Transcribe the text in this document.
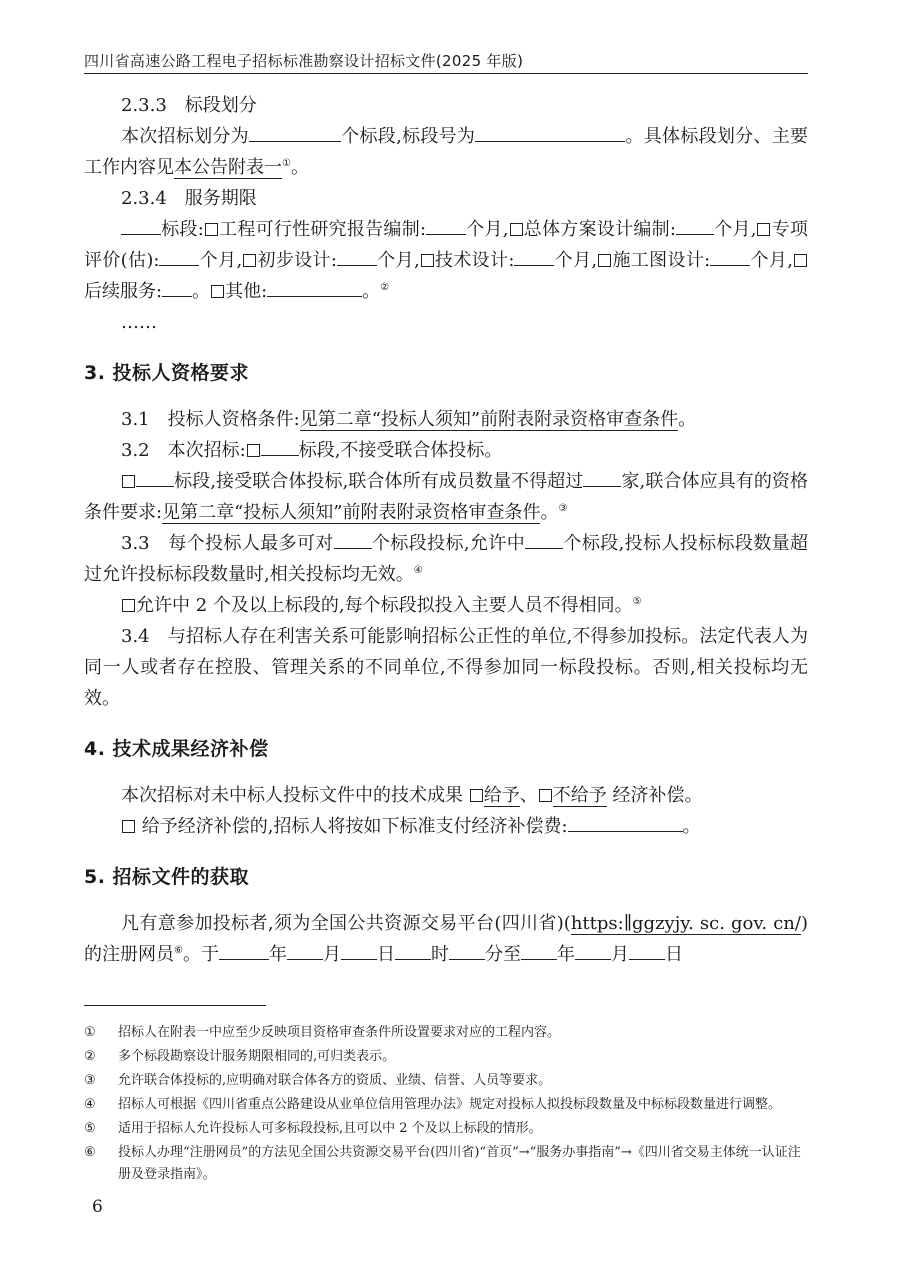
四川省高速公路工程电子招标标准勘察设计招标文件(2025 年版)

2.3.3　标段划分

本次招标划分为	个标段,标段号为	。具体标段划分、主要工作内容见本公告附表一①。

2.3.4　服务期限

标段: 工程可行性研究报告编制: 个月, 总体方案设计编制: 个月, 专项评价(估): 个月, 初步设计: 个月, 技术设计: 个月, 施工图设计: 个月,后续服务: 。 其他:	。②

……

3. 投标人资格要求

3.1　投标人资格条件:见第二章“投标人须知”前附表附录资格审查条件。

3.2　本次招标:	标段,不接受联合体投标。

标段,接受联合体投标,联合体所有成员数量不得超过 家,联合体应具有的资格条件要求:见第二章“投标人须知”前附表附录资格审查条件。③

3.3　每个投标人最多可对 个标段投标,允许中 个标段,投标人投标标段数量超过允许投标标段数量时,相关投标均无效。④

允许中 2 个及以上标段的,每个标段拟投入主要人员不得相同。⑤

3.4　与招标人存在利害关系可能影响招标公正性的单位,不得参加投标。法定代表人为同一人或者存在控股、管理关系的不同单位,不得参加同一标段投标。否则,相关投标均无效。

4. 技术成果经济补偿

本次招标对未中标人投标文件中的技术成果 给予、 不给予 经济补偿。

给予经济补偿的,招标人将按如下标准支付经济补偿费:	。

5. 招标文件的获取

凡有意参加投标者,须为全国公共资源交易平台(四川省)(https:∥ggzyjy. sc. gov. cn/)的注册网员⑥。于	年 月 日 时 分至 年 月 日

①	招标人在附表一中应至少反映项目资格审查条件所设置要求对应的工程内容。
②	多个标段勘察设计服务期限相同的,可归类表示。
③	允许联合体投标的,应明确对联合体各方的资质、业绩、信誉、人员等要求。
④	招标人可根据《四川省重点公路建设从业单位信用管理办法》规定对投标人拟投标段数量及中标标段数量进行调整。
⑤	适用于招标人允许投标人可多标段投标,且可以中 2 个及以上标段的情形。
⑥	投标人办理“注册网员”的方法见全国公共资源交易平台(四川省)“首页”→“服务办事指南”→《四川省交易主体统一认证注册及登录指南》。
6
